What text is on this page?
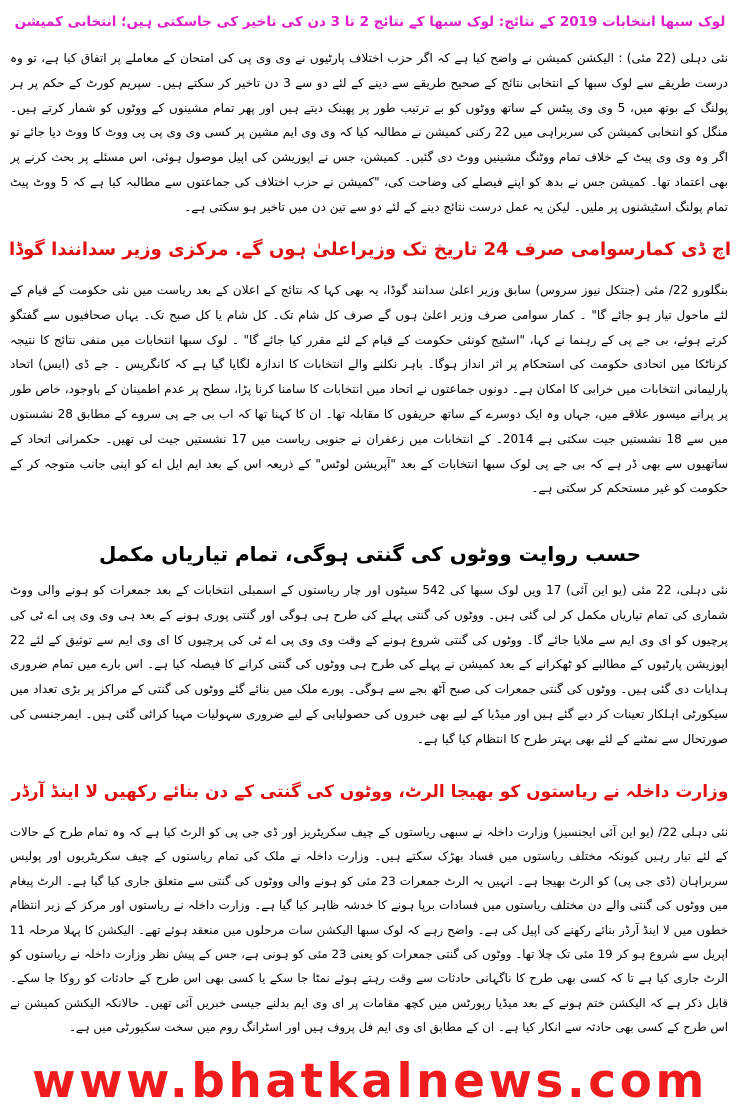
لوک سبھا انتخابات 2019 کے نتائج: لوک سبھا کے نتائج 2 تا 3 دن کی تاخیر کی جاسکتی ہیں؛ انتخابی کمیشن
نئی دہلی (22 مئی) : الیکشن کمیشن نے واضح کیا ہے کہ اگر حزب اختلاف پارٹیوں نے وی وی پی کی امتحان کے معاملے پر اتفاق کیا ہے، تو وہ درست طریقے سے لوک سبھا کے انتخابی نتائج کے صحیح طریقے سے دینے کے لئے دو سے 3 دن تاخیر کر سکتے ہیں۔ سپریم کورٹ کے حکم پر ہر پولنگ کے بوتھ میں، 5 وی وی پیٹس کے ساتھ ووٹوں کو بے ترتیب طور پر پھینک دیتے ہیں اور پھر تمام مشینوں کے ووٹوں کو شمار کرتے ہیں۔ منگل کو انتخابی کمیشن کی سربراہی میں 22 رکنی کمیشن نے مطالبہ کیا کہ وی وی ایم مشین پر کسی وی وی پی پی ووٹ کا ووٹ دیا جائے تو اگر وہ وی وی پیٹ کے خلاف تمام ووٹنگ مشینیں ووٹ دی گئیں۔ کمیشن، جس نے اپوزیشن کی اپیل موصول ہوئی، اس مسئلے پر بحث کرنے پر بھی اعتماد تھا۔ کمیشن جس نے بدھ کو اپنے فیصلے کی وضاحت کی، "کمیشن نے حزب اختلاف کی جماعتوں سے مطالبہ کیا ہے کہ 5 ووٹ پیٹ تمام پولنگ اسٹیشنوں پر ملیں۔ لیکن یہ عمل درست نتائج دینے کے لئے دو سے تین دن میں تاخیر ہو سکتی ہے۔
اچ ڈی کمارسوامی صرف 24 تاریخ تک وزیراعلیٰ ہوں گے. مرکزی وزیر سدانندا گوڈا
بنگلورو 22/ مئی (جنتکل نیوز سروس) سابق وزیر اعلیٰ سدانند گوڈا، یہ بھی کہا کہ نتائج کے اعلان کے بعد ریاست میں نئی حکومت کے قیام کے لئے ماحول تیار ہو جائے گا" ۔ کمار سوامی صرف وزیر اعلیٰ ہوں گے صرف کل شام تک۔ کل شام یا کل صبح تک۔ یہاں صحافیوں سے گفتگو کرتے ہوئے، بی جے پی کے رہنما نے کہا، "اسٹیج کونئی حکومت کے قیام کے لئے مقرر کیا جائے گا" ۔ لوک سبھا انتخابات میں منفی نتائج کا نتیجہ کرناٹکا میں اتحادی حکومت کی استحکام پر اثر انداز ہوگا۔ باہر نکلنے والے انتخابات کا اندازہ لگایا گیا ہے کہ کانگریس ۔ جے ڈی (ایس) اتحاد پارلیمانی انتخابات میں خرابی کا امکان ہے۔ دونوں جماعتوں نے اتحاد میں انتخابات کا سامنا کرنا پڑا، سطح پر عدم اطمینان کے باوجود، خاص طور پر پرانے میسور علاقے میں، جہاں وہ ایک دوسرے کے ساتھ حریفوں کا مقابلہ تھا۔ ان کا کہنا تھا کہ اب بی جے پی سروے کے مطابق 28 نشستوں میں سے 18 نشستیں جیت سکتی ہے 2014۔ کے انتخابات میں زعفران نے جنوبی ریاست میں 17 نشستیں جیت لی تھیں۔ حکمرانی اتحاد کے ساتھیوں سے بھی ڈر ہے کہ بی جے پی لوک سبھا انتخابات کے بعد "آپریشن لوٹس" کے ذریعہ اس کے بعد ایم ایل اے کو اپنی جانب متوجہ کر کے حکومت کو غیر مستحکم کر سکتی ہے۔
حسب روایت ووٹوں کی گنتی ہوگی، تمام تیاریاں مکمل
نئی دہلی، 22 مئی (یو این آئی) 17 ویں لوک سبھا کی 542 سیٹوں اور چار ریاستوں کے اسمبلی انتخابات کے بعد جمعرات کو ہونے والی ووٹ شماری کی تمام تیاریاں مکمل کر لی گئی ہیں۔ ووٹوں کی گنتی پہلے کی طرح ہی ہوگی اور گنتی پوری ہونے کے بعد ہی وی وی پی اے ٹی کی پرچیوں کو ای وی ایم سے ملایا جائے گا۔ ووٹوں کی گنتی شروع ہونے کے وقت وی وی پی اے ٹی کی پرچیوں کا ای وی ایم سے توثیق کے لئے 22 اپوزیشن پارٹیوں کے مطالبے کو ٹھکرانے کے بعد کمیشن نے پہلے کی طرح ہی ووٹوں کی گنتی کرانے کا فیصلہ کیا ہے۔ اس بارے میں تمام ضروری ہدایات دی گئی ہیں۔ ووٹوں کی گنتی جمعرات کی صبح آٹھ بجے سے ہوگی۔ پورے ملک میں بنائے گئے ووٹوں کی گنتی کے مراکز پر بڑی تعداد میں سیکورٹی اہلکار تعینات کر دیے گئے ہیں اور میڈیا کے لیے بھی خبروں کی حصولیابی کے لیے ضروری سہولیات مہیا کرائی گئی ہیں۔ ایمرجنسی کی صورتحال سے نمٹنے کے لئے بھی بہتر طرح کا انتظام کیا گیا ہے۔
وزارت داخلہ نے ریاستوں کو بھیجا الرٹ، ووٹوں کی گنتی کے دن بنائے رکھیں لا اینڈ آرڈر
نئی دہلی 22/ (یو این آئی ایجنسیز) وزارت داخلہ نے سبھی ریاستوں کے چیف سکریٹریز اور ڈی جی پی کو الرٹ کیا ہے کہ وہ تمام طرح کے حالات کے لئے تیار رہیں کیونکہ مختلف ریاستوں میں فساد بھڑک سکتے ہیں۔ وزارت داخلہ نے ملک کی تمام ریاستوں کے چیف سکریٹریوں اور پولیس سربراہان (ڈی جی پی) کو الرٹ بھیجا ہے۔ انہیں یہ الرٹ جمعرات 23 مئی کو ہونے والی ووٹوں کی گنتی سے متعلق جاری کیا گیا ہے۔ الرٹ پیغام میں ووٹوں کی گنتی والے دن مختلف ریاستوں میں فسادات برپا ہونے کا خدشہ ظاہر کیا گیا ہے۔ وزارت داخلہ نے ریاستوں اور مرکز کے زیر انتظام خطوں میں لا اینڈ آرڈر بنائے رکھنے کی اپیل کی ہے۔ واضح رہے کہ لوک سبھا الیکشن سات مرحلوں میں منعقد ہوئے تھے۔ الیکشن کا پہلا مرحلہ 11 اپریل سے شروع ہو کر 19 مئی تک چلا تھا۔ ووٹوں کی گنتی جمعرات کو یعنی 23 مئی کو ہونی ہے، جس کے پیش نظر وزارت داخلہ نے ریاستوں کو الرٹ جاری کیا ہے تا کہ کسی بھی طرح کا ناگہانی حادثات سے وقت رہتے ہوئے نمٹا جا سکے یا کسی بھی اس طرح کے حادثات کو روکا جا سکے۔ قابل ذکر ہے کہ الیکشن ختم ہونے کے بعد میڈیا رپورٹس میں کچھ مقامات پر ای وی ایم بدلنے جیسی خبریں آئی تھیں۔ حالانکہ الیکشن کمیشن نے اس طرح کے کسی بھی حادثہ سے انکار کیا ہے۔ ان کے مطابق ای وی ایم فل پروف ہیں اور اسٹرانگ روم میں سخت سکیورٹی میں ہے۔
www.bhatkalnews.com
